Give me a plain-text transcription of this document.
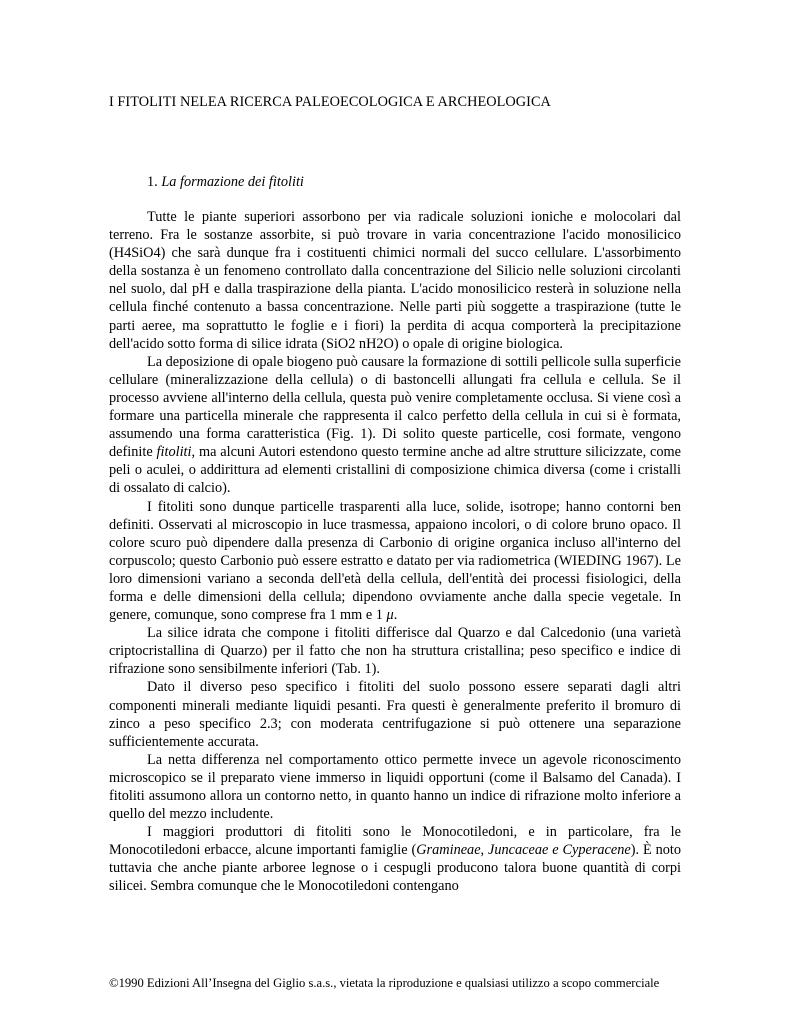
I FITOLITI NELEA RICERCA PALEOECOLOGICA E ARCHEOLOGICA
1. La formazione dei fitoliti

Tutte le piante superiori assorbono per via radicale soluzioni ioniche e molocolari dal terreno. Fra le sostanze assorbite, si può trovare in varia concentrazione l'acido monosilicico (H4SiO4) che sarà dunque fra i costituenti chimici normali del succo cellulare. L'assorbimento della sostanza è un fenomeno controllato dalla concentrazione del Silicio nelle soluzioni circolanti nel suolo, dal pH e dalla traspirazione della pianta. L'acido monosilicico resterà in soluzione nella cellula finché contenuto a bassa concentrazione. Nelle parti più soggette a traspirazione (tutte le parti aeree, ma soprattutto le foglie e i fiori) la perdita di acqua comporterà la precipitazione dell'acido sotto forma di silice idrata (SiO2 nH2O) o opale di origine biologica.

La deposizione di opale biogeno può causare la formazione di sottili pellicole sulla superficie cellulare (mineralizzazione della cellula) o di bastoncelli allungati fra cellula e cellula. Se il processo avviene all'interno della cellula, questa può venire completamente occlusa. Si viene così a formare una particella minerale che rappresenta il calco perfetto della cellula in cui si è formata, assumendo una forma caratteristica (Fig. 1). Di solito queste particelle, cosi formate, vengono definite fitoliti, ma alcuni Autori estendono questo termine anche ad altre strutture silicizzate, come peli o aculei, o addirittura ad elementi cristallini di composizione chimica diversa (come i cristalli di ossalato di calcio).

I fitoliti sono dunque particelle trasparenti alla luce, solide, isotrope; hanno contorni ben definiti. Osservati al microscopio in luce trasmessa, appaiono incolori, o di colore bruno opaco. Il colore scuro può dipendere dalla presenza di Carbonio di origine organica incluso all'interno del corpuscolo; questo Carbonio può essere estratto e datato per via radiometrica (WIEDING 1967). Le loro dimensioni variano a seconda dell'età della cellula, dell'entità dei processi fisiologici, della forma e delle dimensioni della cellula; dipendono ovviamente anche dalla specie vegetale. In genere, comunque, sono comprese fra 1 mm e 1 μ.

La silice idrata che compone i fitoliti differisce dal Quarzo e dal Calcedonio (una varietà criptocristallina di Quarzo) per il fatto che non ha struttura cristallina; peso specifico e indice di rifrazione sono sensibilmente inferiori (Tab. 1).

Dato il diverso peso specifico i fitoliti del suolo possono essere separati dagli altri componenti minerali mediante liquidi pesanti. Fra questi è generalmente preferito il bromuro di zinco a peso specifico 2.3; con moderata centrifugazione si può ottenere una separazione sufficientemente accurata.

La netta differenza nel comportamento ottico permette invece un agevole riconoscimento microscopico se il preparato viene immerso in liquidi opportuni (come il Balsamo del Canada). I fitoliti assumono allora un contorno netto, in quanto hanno un indice di rifrazione molto inferiore a quello del mezzo includente.

I maggiori produttori di fitoliti sono le Monocotiledoni, e in particolare, fra le Monocotiledoni erbacce, alcune importanti famiglie (Gramineae, Juncaceae e Cyperacene). È noto tuttavia che anche piante arboree legnose o i cespugli producono talora buone quantità di corpi silicei. Sembra comunque che le Monocotiledoni contengano

©1990 Edizioni All’Insegna del Giglio s.a.s., vietata la riproduzione e qualsiasi utilizzo a scopo commerciale
